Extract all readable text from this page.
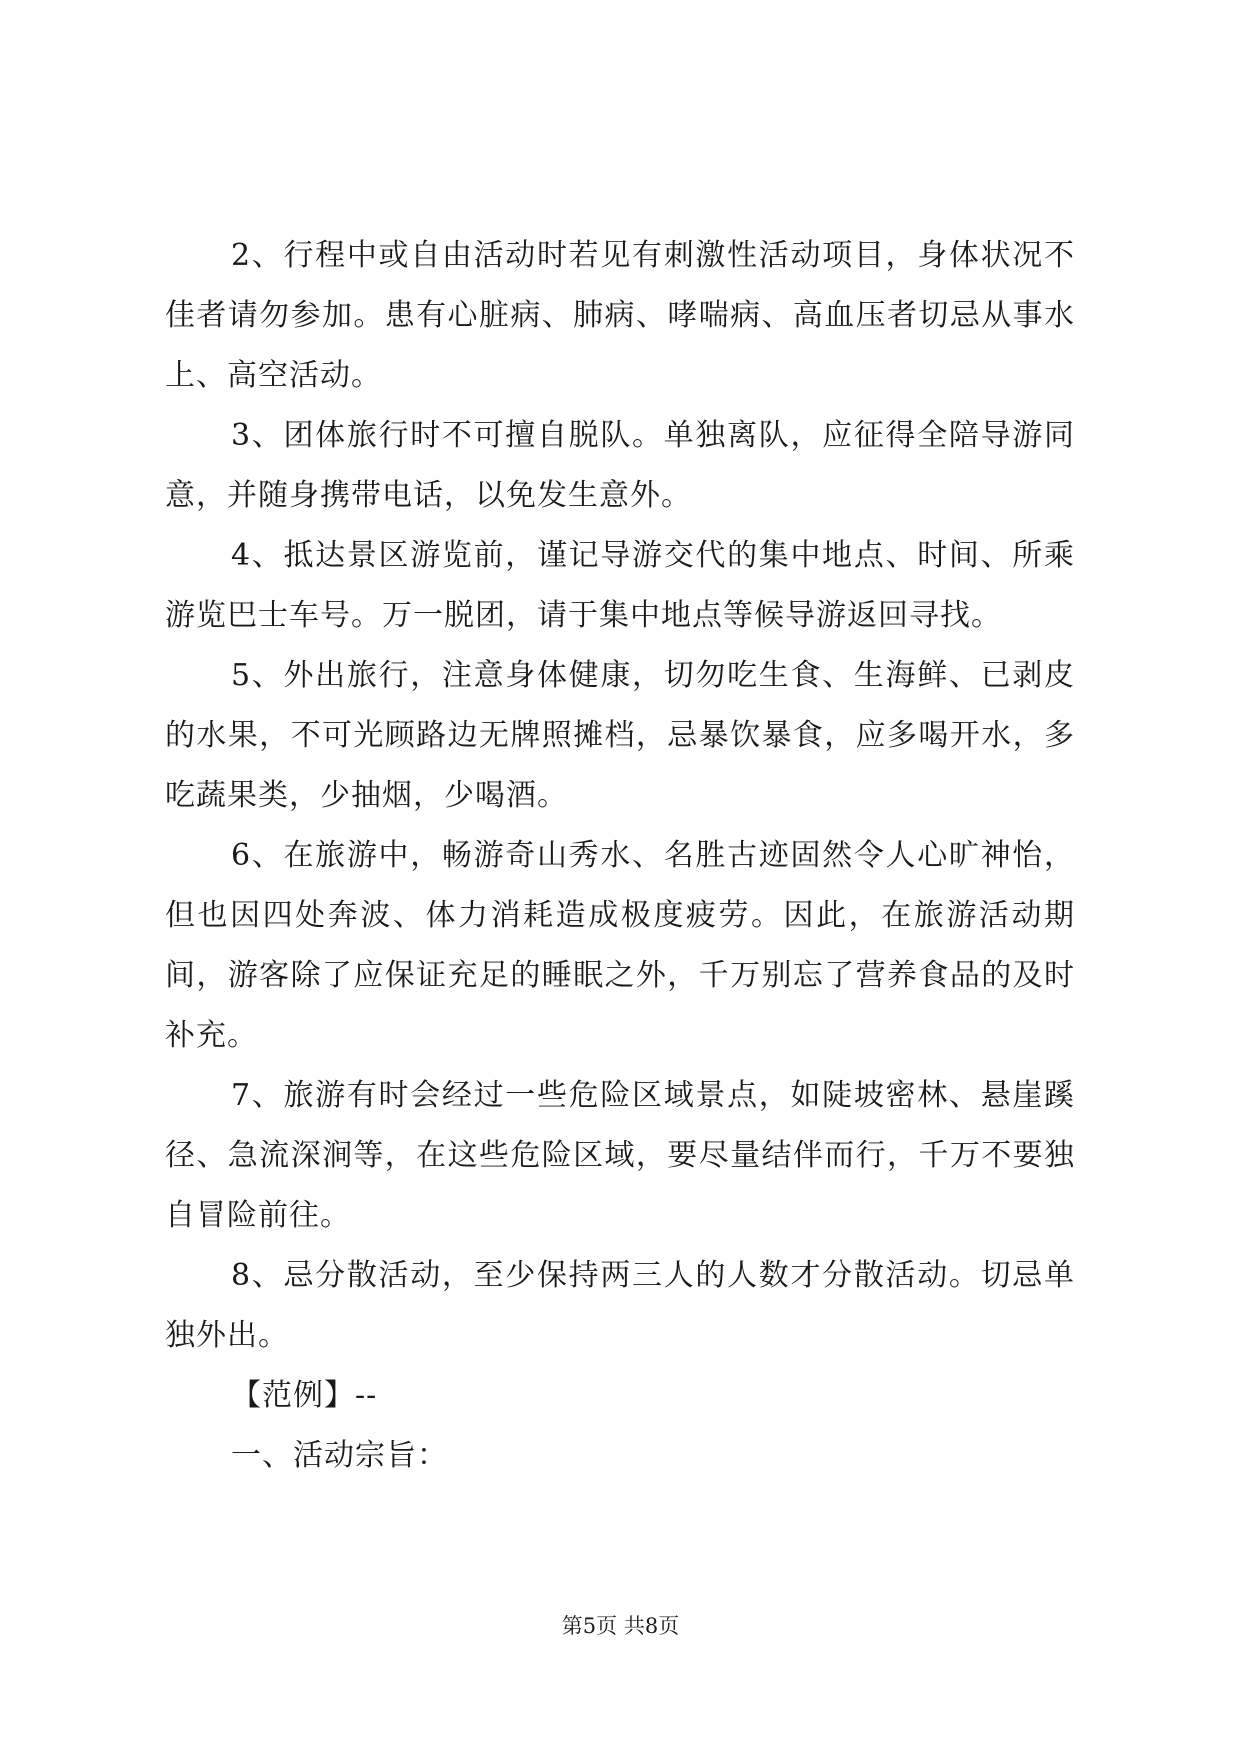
2、行程中或自由活动时若见有刺激性活动项目，身体状况不佳者请勿参加。患有心脏病、肺病、哮喘病、高血压者切忌从事水上、高空活动。

3、团体旅行时不可擅自脱队。单独离队，应征得全陪导游同意，并随身携带电话，以免发生意外。

4、抵达景区游览前，谨记导游交代的集中地点、时间、所乘游览巴士车号。万一脱团，请于集中地点等候导游返回寻找。

5、外出旅行，注意身体健康，切勿吃生食、生海鲜、已剥皮的水果，不可光顾路边无牌照摊档，忌暴饮暴食，应多喝开水，多吃蔬果类，少抽烟，少喝酒。

6、在旅游中，畅游奇山秀水、名胜古迹固然令人心旷神怡，但也因四处奔波、体力消耗造成极度疲劳。因此，在旅游活动期间，游客除了应保证充足的睡眠之外，千万别忘了营养食品的及时补充。

7、旅游有时会经过一些危险区域景点，如陡坡密林、悬崖蹊径、急流深涧等，在这些危险区域，要尽量结伴而行，千万不要独自冒险前往。

8、忌分散活动，至少保持两三人的人数才分散活动。切忌单独外出。

【范例】--

一、活动宗旨：

第5页 共8页
